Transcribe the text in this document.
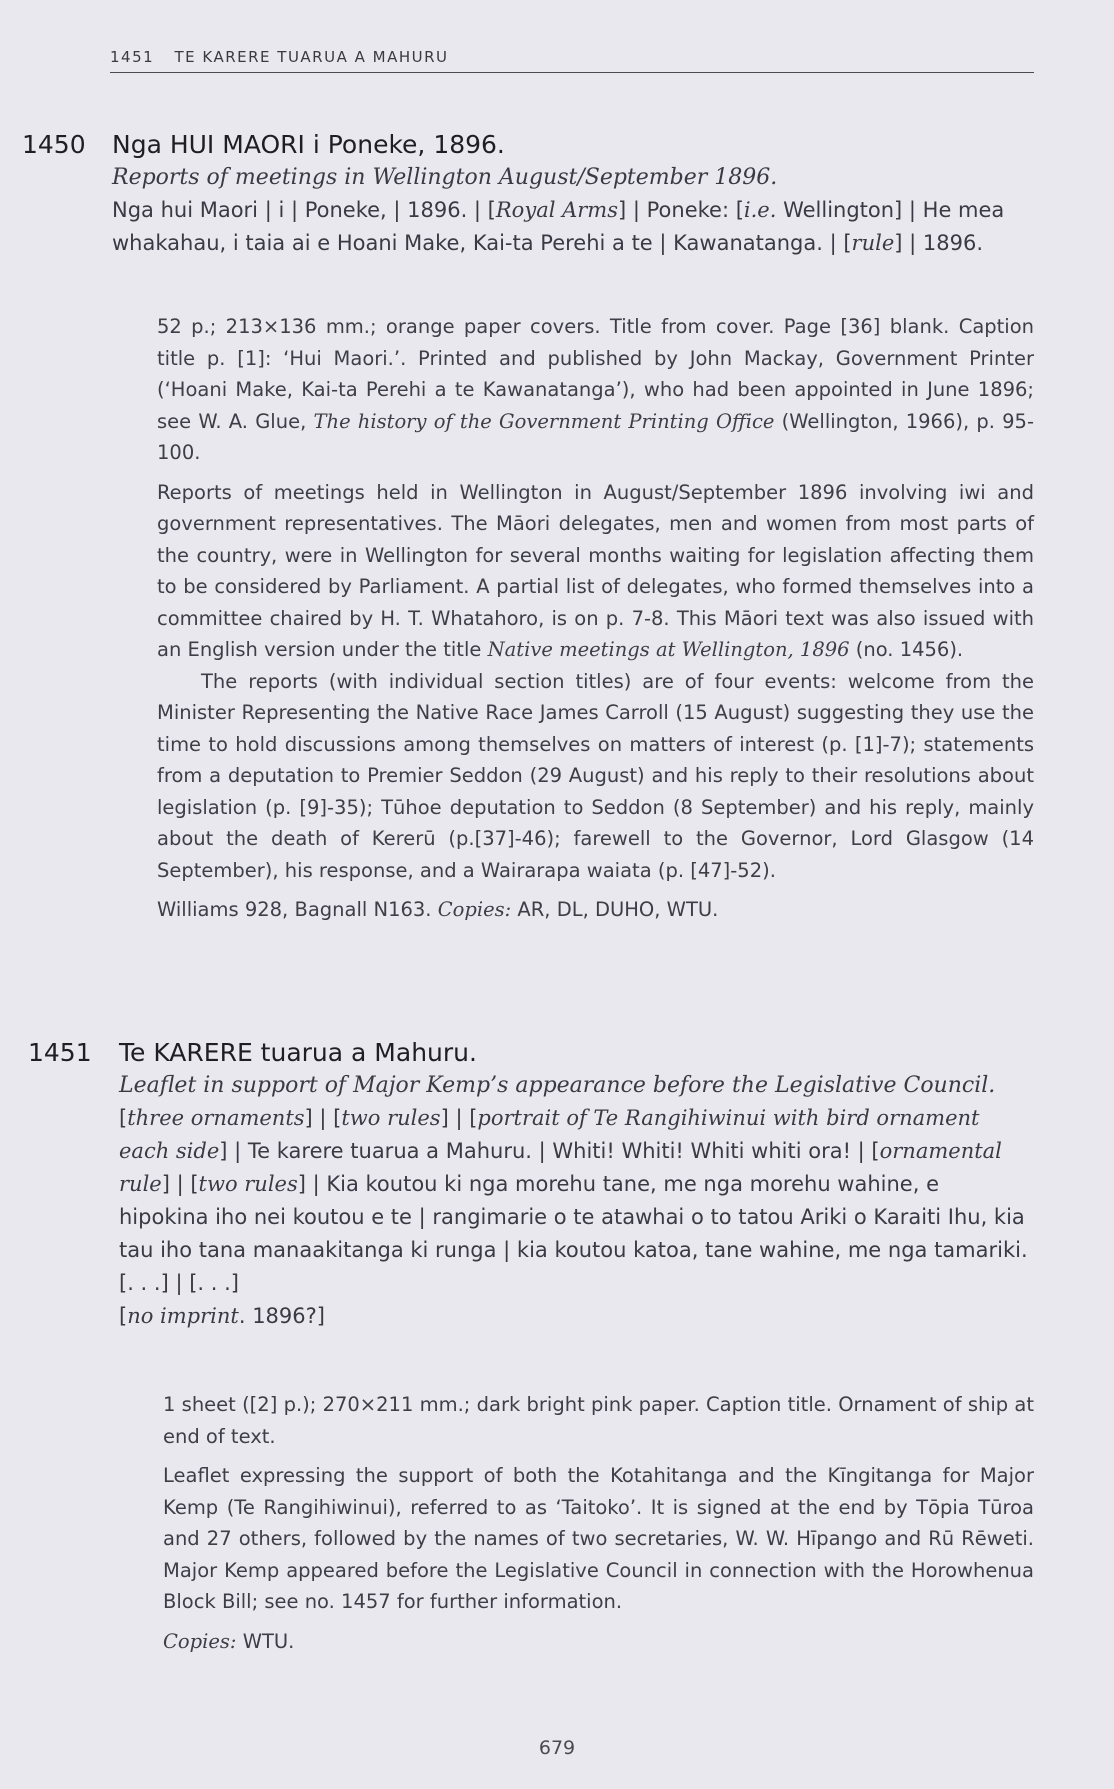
1451 TE KARERE TUARUA A MAHURU
1450 Nga HUI MAORI i Poneke, 1896.
Reports of meetings in Wellington August/September 1896.
Nga hui Maori | i | Poneke, | 1896. | [Royal Arms] | Poneke: [i.e. Wellington] | He mea whakahau, i taia ai e Hoani Make, Kai-ta Perehi a te | Kawanatanga. | [rule] | 1896.

52 p.; 213×136 mm.; orange paper covers. Title from cover. Page [36] blank. Caption title p. [1]: ‘Hui Maori.’. Printed and published by John Mackay, Government Printer (‘Hoani Make, Kai-ta Perehi a te Kawanatanga’), who had been appointed in June 1896; see W. A. Glue, The history of the Government Printing Office (Wellington, 1966), p. 95-100.

Reports of meetings held in Wellington in August/September 1896 involving iwi and government representatives. The Māori delegates, men and women from most parts of the country, were in Wellington for several months waiting for legislation affecting them to be considered by Parliament. A partial list of delegates, who formed themselves into a committee chaired by H. T. Whatahoro, is on p. 7-8. This Māori text was also issued with an English version under the title Native meetings at Wellington, 1896 (no. 1456).

The reports (with individual section titles) are of four events: welcome from the Minister Representing the Native Race James Carroll (15 August) suggesting they use the time to hold discussions among themselves on matters of interest (p. [1]-7); statements from a deputation to Premier Seddon (29 August) and his reply to their resolutions about legislation (p. [9]-35); Tūhoe deputation to Seddon (8 September) and his reply, mainly about the death of Kererū (p.[37]-46); farewell to the Governor, Lord Glasgow (14 September), his response, and a Wairarapa waiata (p. [47]-52).

Williams 928, Bagnall N163. Copies: AR, DL, DUHO, WTU.

1451 Te KARERE tuarua a Mahuru.
Leaflet in support of Major Kemp’s appearance before the Legislative Council.
[three ornaments] | [two rules] | [portrait of Te Rangihiwinui with bird ornament each side] | Te karere tuarua a Mahuru. | Whiti! Whiti! Whiti whiti ora! | [ornamental rule] | [two rules] | Kia koutou ki nga morehu tane, me nga morehu wahine, e hipokina iho nei koutou e te | rangimarie o te atawhai o to tatou Ariki o Karaiti Ihu, kia tau iho tana manaakitanga ki runga | kia koutou katoa, tane wahine, me nga tamariki. [. . .] | [. . .]
[no imprint. 1896?]

1 sheet ([2] p.); 270×211 mm.; dark bright pink paper. Caption title. Ornament of ship at end of text.

Leaflet expressing the support of both the Kotahitanga and the Kīngitanga for Major Kemp (Te Rangihiwinui), referred to as ‘Taitoko’. It is signed at the end by Tōpia Tūroa and 27 others, followed by the names of two secretaries, W. W. Hīpango and Rū Rēweti. Major Kemp appeared before the Legislative Council in connection with the Horowhenua Block Bill; see no. 1457 for further information.

Copies: WTU.

679
